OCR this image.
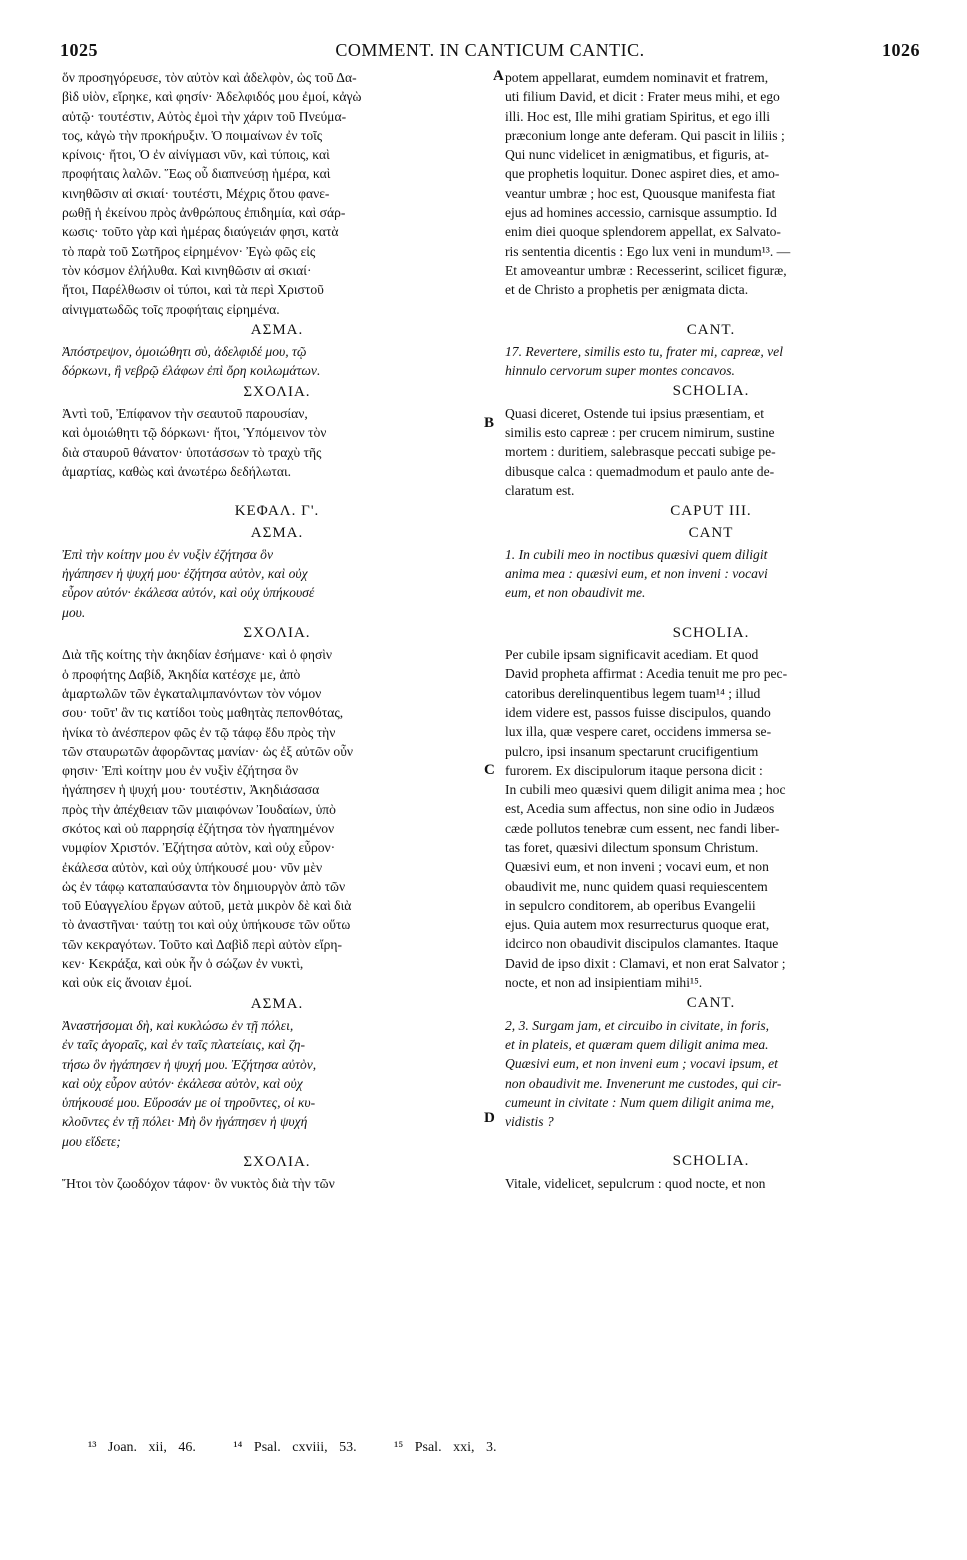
1025	COMMENT. IN CANTICUM CANTIC.	1026
A
B
C
D

ὅν προσηγόρευσε, τὸν αὐτὸν καὶ ἀδελφὸν, ὡς τοῦ Δα-
βὶδ υἱὸν, εἴρηκε, καὶ φησίν· Ἀδελφιδός μου ἐμοί, κἀγὼ
αὐτῷ· τουτέστιν, Αὐτὸς ἐμοὶ τὴν χάριν τοῦ Πνεύμα-
τος, κἀγὼ τὴν προκήρυξιν. Ὁ ποιμαίνων ἐν τοῖς
κρίνοις· ἤτοι, Ὁ ἐν αἰνίγμασι νῦν, καὶ τύποις, καὶ
προφήταις λαλῶν. Ἕως οὗ διαπνεύσῃ ἡμέρα, καὶ
κινηθῶσιν αἱ σκιαί· τουτέστι, Μέχρις ὅτου φανε-
ρωθῇ ἡ ἐκείνου πρὸς ἀνθρώπους ἐπιδημία, καὶ σάρ-
κωσις· τοῦτο γὰρ καὶ ἡμέρας διαύγειάν φησι, κατὰ
τὸ παρὰ τοῦ Σωτῆρος εἰρημένον· Ἐγὼ φῶς εἰς
τὸν κόσμον ἐλήλυθα. Καὶ κινηθῶσιν αἱ σκιαί·
ἤτοι, Παρέλθωσιν οἱ τύποι, καὶ τὰ περὶ Χριστοῦ
αἰνιγματωδῶς τοῖς προφήταις εἰρημένα.

ΑΣΜΑ.

Ἀπόστρεψον, ὁμοιώθητι σὺ, ἀδελφιδέ μου, τῷ
δόρκωνι, ἢ νεβρῷ ἐλάφων ἐπὶ ὄρη κοιλωμάτων.

ΣΧΟΛΙΑ.

Ἀντὶ τοῦ, Ἐπίφανον τὴν σεαυτοῦ παρουσίαν,
καὶ ὁμοιώθητι τῷ δόρκωνι· ἤτοι, Ὑπόμεινον τὸν
διὰ σταυροῦ θάνατον· ὑποτάσσων τὸ τραχὺ τῆς
ἁμαρτίας, καθὼς καὶ ἀνωτέρω δεδήλωται.

ΚΕΦΑΛ. Γ'.
ΑΣΜΑ.

Ἐπὶ τὴν κοίτην μου ἐν νυξὶν ἐζήτησα ὃν
ἠγάπησεν ἡ ψυχή μου· ἐζήτησα αὐτὸν, καὶ οὐχ
εὗρον αὐτόν· ἐκάλεσα αὐτόν, καὶ οὐχ ὑπήκουσέ
μου.

ΣΧΟΛΙΑ.

Διὰ τῆς κοίτης τὴν ἀκηδίαν ἐσήμανε· καὶ ὁ φησὶν
ὁ προφήτης Δαβίδ, Ἀκηδία κατέσχε με, ἀπὸ
ἁμαρτωλῶν τῶν ἐγκαταλιμπανόντων τὸν νόμον
σου· τοῦτ' ἂν τις κατίδοι τοὺς μαθητὰς πεπονθότας,
ἡνίκα τὸ ἀνέσπερον φῶς ἐν τῷ τάφῳ ἔδυ πρὸς τὴν
τῶν σταυρωτῶν ἀφορῶντας μανίαν· ὡς ἐξ αὐτῶν οὖν
φησιν· Ἐπὶ κοίτην μου ἐν νυξὶν ἐζήτησα ὃν
ἠγάπησεν ἡ ψυχή μου· τουτέστιν, Ἀκηδιάσασα
πρὸς τὴν ἀπέχθειαν τῶν μιαιφόνων Ἰουδαίων, ὑπὸ
σκότος καὶ οὐ παρρησίᾳ ἐζήτησα τὸν ἠγαπημένον
νυμφίον Χριστόν. Ἐζήτησα αὐτὸν, καὶ οὐχ εὗρον·
ἐκάλεσα αὐτὸν, καὶ οὐχ ὑπήκουσέ μου· νῦν μὲν
ὡς ἐν τάφῳ καταπαύσαντα τὸν δημιουργὸν ἀπὸ τῶν
τοῦ Εὐαγγελίου ἔργων αὐτοῦ, μετὰ μικρὸν δὲ καὶ διὰ
τὸ ἀναστῆναι· ταύτῃ τοι καὶ οὐχ ὑπήκουσε τῶν οὕτω
τῶν κεκραγότων. Τοῦτο καὶ Δαβὶδ περὶ αὐτὸν εἴρη-
κεν· Κεκράξα, καὶ οὐκ ἦν ὁ σώζων ἐν νυκτὶ,
καὶ οὐκ εἰς ἄνοιαν ἐμοί.

ΑΣΜΑ.

Ἀναστήσομαι δὴ, καὶ κυκλώσω ἐν τῇ πόλει,
ἐν ταῖς ἀγοραῖς, καὶ ἐν ταῖς πλατείαις, καὶ ζη-
τήσω ὃν ἠγάπησεν ἡ ψυχή μου. Ἐζήτησα αὐτὸν,
καὶ οὐχ εὗρον αὐτόν· ἐκάλεσα αὐτὸν, καὶ οὐχ
ὑπήκουσέ μου. Εὕροσάν με οἱ τηροῦντες, οἱ κυ-
κλοῦντες ἐν τῇ πόλει· Μὴ ὃν ἠγάπησεν ἡ ψυχή
μου εἴδετε;

ΣΧΟΛΙΑ.

Ἤτοι τὸν ζωοδόχον τάφον· ὃν νυκτὸς διὰ τὴν τῶν

potem appellarat, eumdem nominavit et fratrem,
uti filium David, et dicit : Frater meus mihi, et ego
illi. Hoc est, Ille mihi gratiam Spiritus, et ego illi
præconium longe ante deferam. Qui pascit in liliis ;
Qui nunc videlicet in ænigmatibus, et figuris, at-
que prophetis loquitur. Donec aspiret dies, et amo-
veantur umbræ ; hoc est, Quousque manifesta fiat
ejus ad homines accessio, carnisque assumptio. Id
enim diei quoque splendorem appellat, ex Salvato-
ris sententia dicentis : Ego lux veni in mundum¹³. —
Et amoveantur umbræ : Recesserint, scilicet figuræ,
et de Christo a prophetis per ænigmata dicta.

CANT.

17. Revertere, similis esto tu, frater mi, capreæ, vel
hinnulo cervorum super montes concavos.

SCHOLIA.

Quasi diceret, Ostende tui ipsius præsentiam, et
similis esto capreæ : per crucem nimirum, sustine
mortem : duritiem, salebrasque peccati subige pe-
dibusque calca : quemadmodum et paulo ante de-
claratum est.

CAPUT III.
CANT

1. In cubili meo in noctibus quæsivi quem diligit
anima mea : quæsivi eum, et non inveni : vocavi
eum, et non obaudivit me.

SCHOLIA.

Per cubile ipsam significavit acediam. Et quod
David propheta affirmat : Acedia tenuit me pro pec-
catoribus derelinquentibus legem tuam¹⁴ ; illud
idem videre est, passos fuisse discipulos, quando
lux illa, quæ vespere caret, occidens immersa se-
pulcro, ipsi insanum spectarunt crucifigentium
furorem. Ex discipulorum itaque persona dicit :
In cubili meo quæsivi quem diligit anima mea ; hoc
est, Acedia sum affectus, non sine odio in Judæos
cæde pollutos tenebræ cum essent, nec fandi liber-
tas foret, quæsivi dilectum sponsum Christum.
Quæsivi eum, et non inveni ; vocavi eum, et non
obaudivit me, nunc quidem quasi requiescentem
in sepulcro conditorem, ab operibus Evangelii
ejus. Quia autem mox resurrecturus quoque erat,
idcirco non obaudivit discipulos clamantes. Itaque
David de ipso dixit : Clamavi, et non erat Salvator ;
nocte, et non ad insipientiam mihi¹⁵.

CANT.

2, 3. Surgam jam, et circuibo in civitate, in foris,
et in plateis, et quæram quem diligit anima mea.
Quæsivi eum, et non inveni eum ; vocavi ipsum, et
non obaudivit me. Invenerunt me custodes, qui cir-
cumeunt in civitate : Num quem diligit anima me,
vidistis ?

SCHOLIA.

Vitale, videlicet, sepulcrum : quod nocte, et non

¹³ Joan. xii, 46.	¹⁴ Psal. cxviii, 53.	¹⁵ Psal. xxi, 3.
